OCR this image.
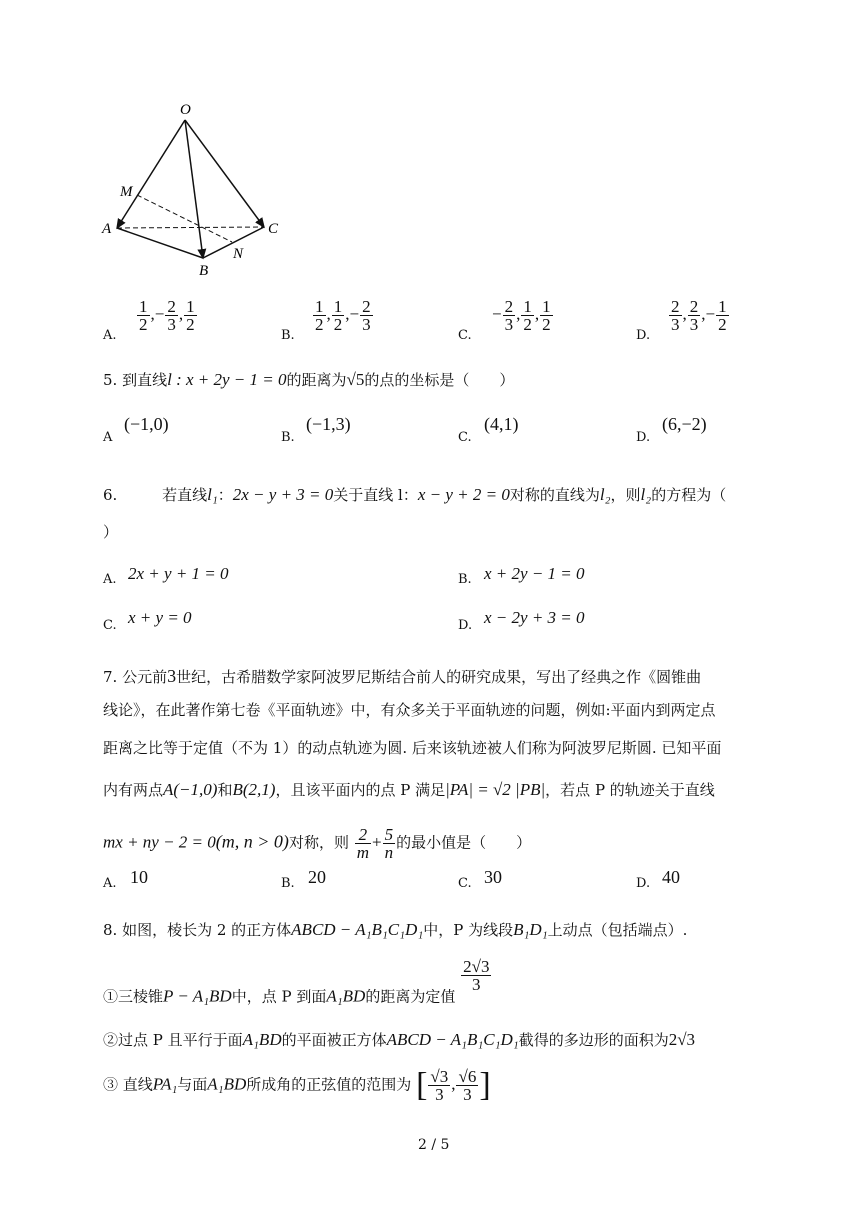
O
M
A
B
C
N
A.
$\frac{1}{2}$ ,− $\frac{2}{3}$ , $\frac{1}{2}$
B.
$\frac{1}{2}$ , $\frac{1}{2}$ ,− $\frac{2}{3}$
C.
− $\frac{2}{3}$ , $\frac{1}{2}$ , $\frac{1}{2}$
D.
$\frac{2}{3}$ , $\frac{2}{3}$ ,− $\frac{1}{2}$
5. 到直线l : x + 2y − 1 = 0的距离为√5的点的坐标是（　　）
A
(−1,0)
B.
(−1,3)
C.
(4,1)
D.
(6,−2)
6.	若直线l₁：2x − y + 3 = 0关于直线 l：x − y + 2 = 0对称的直线为l₂，则l₂的方程为（
）
A. 2x + y + 1 = 0	B. x + 2y − 1 = 0
C. x + y = 0	D. x − 2y + 3 = 0
7. 公元前3世纪，古希腊数学家阿波罗尼斯结合前人的研究成果，写出了经典之作《圆锥曲
线论》，在此著作第七卷《平面轨迹》中，有众多关于平面轨迹的问题，例如:平面内到两定点
距离之比等于定值（不为 1）的动点轨迹为圆. 后来该轨迹被人们称为阿波罗尼斯圆. 已知平面
内有两点A(−1,0)和B(2,1)，且该平面内的点 P 满足|PA| = √2 |PB|，若点 P 的轨迹关于直线
mx + ny − 2 = 0(m, n > 0)对称，则 $\frac{2}{m} + \frac{5}{n}$ 的最小值是（　　）
A. 10	B. 20	C. 30	D. 40
8. 如图，棱长为 2 的正方体ABCD − A₁B₁C₁D₁中，P 为线段B₁D₁上动点（包括端点）.
①三棱锥P − A₁BD中，点 P 到面A₁BD的距离为定值
$\frac{2√3}{3}$
②过点 P 且平行于面A₁BD的平面被正方体ABCD − A₁B₁C₁D₁截得的多边形的面积为2√3
③ 直线PA₁与面A₁BD所成角的正弦值的范围为 [ $\frac{√3}{3}$ , $\frac{√6}{3}$ ]
2 / 5
